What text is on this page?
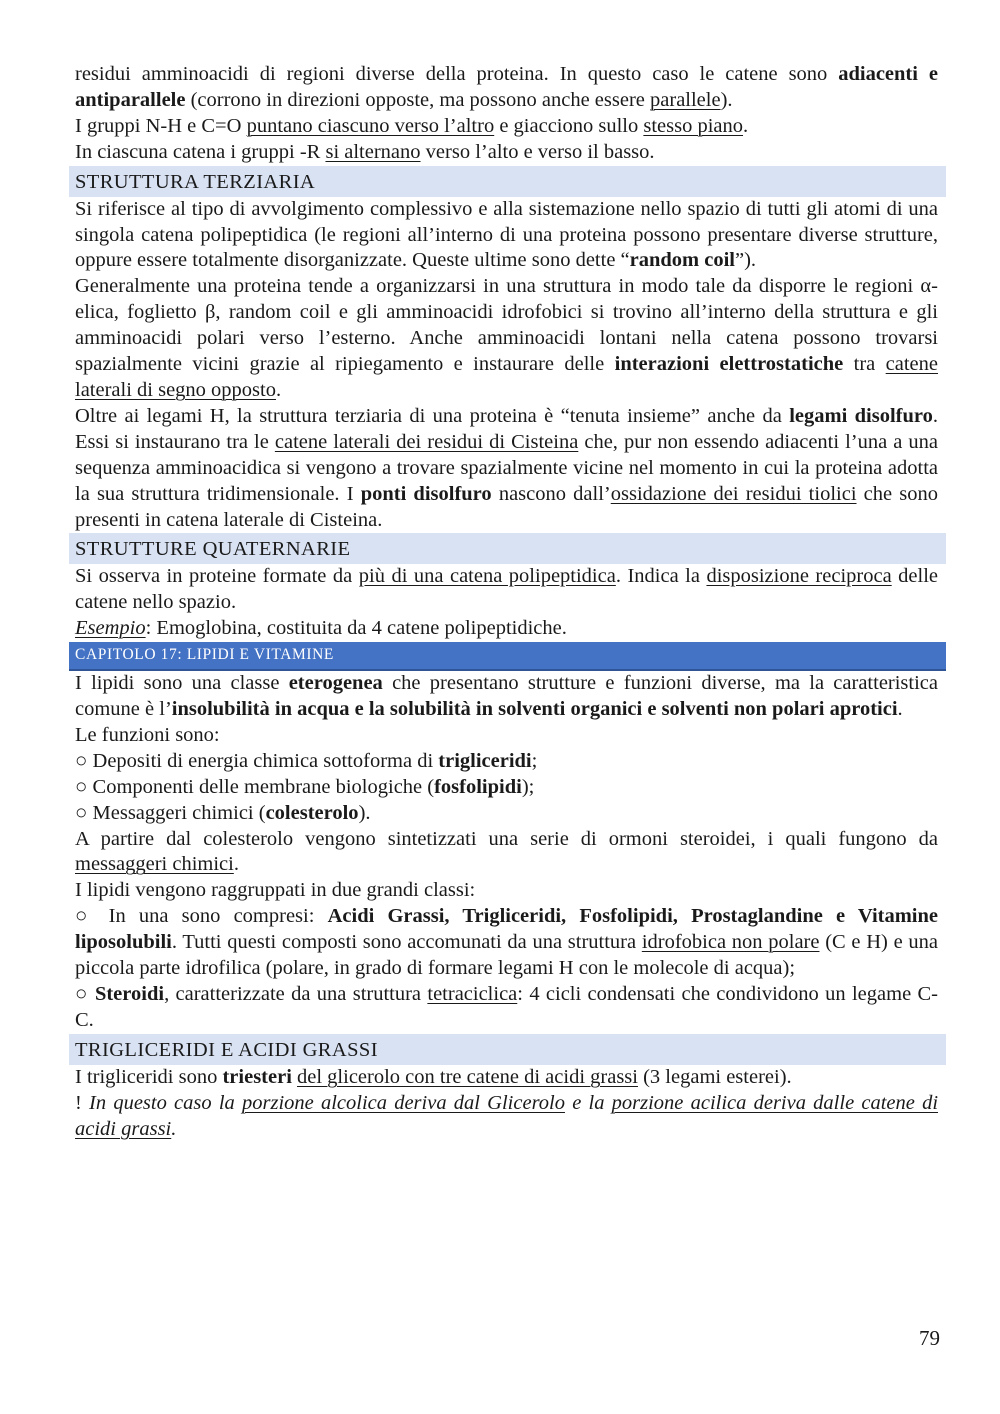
residui amminoacidi di regioni diverse della proteina. In questo caso le catene sono adiacenti e antiparallele (corrono in direzioni opposte, ma possono anche essere parallele).

I gruppi N-H e C=O puntano ciascuno verso l’altro e giacciono sullo stesso piano.

In ciascuna catena i gruppi -R si alternano verso l’alto e verso il basso.

STRUTTURA TERZIARIA

Si riferisce al tipo di avvolgimento complessivo e alla sistemazione nello spazio di tutti gli atomi di una singola catena polipeptidica (le regioni all’interno di una proteina possono presentare diverse strutture, oppure essere totalmente disorganizzate. Queste ultime sono dette “random coil”).

Generalmente una proteina tende a organizzarsi in una struttura in modo tale da disporre le regioni α-elica, foglietto β, random coil e gli amminoacidi idrofobici si trovino all’interno della struttura e gli amminoacidi polari verso l’esterno. Anche amminoacidi lontani nella catena possono trovarsi spazialmente vicini grazie al ripiegamento e instaurare delle interazioni elettrostatiche tra catene laterali di segno opposto.

Oltre ai legami H, la struttura terziaria di una proteina è “tenuta insieme” anche da legami disolfuro. Essi si instaurano tra le catene laterali dei residui di Cisteina che, pur non essendo adiacenti l’una a una sequenza amminoacidica si vengono a trovare spazialmente vicine nel momento in cui la proteina adotta la sua struttura tridimensionale. I ponti disolfuro nascono dall’ossidazione dei residui tiolici che sono presenti in catena laterale di Cisteina.

STRUTTURE QUATERNARIE

Si osserva in proteine formate da più di una catena polipeptidica. Indica la disposizione reciproca delle catene nello spazio.

Esempio: Emoglobina, costituita da 4 catene polipeptidiche.

CAPITOLO 17: LIPIDI E VITAMINE

I lipidi sono una classe eterogenea che presentano strutture e funzioni diverse, ma la caratteristica comune è l’insolubilità in acqua e la solubilità in solventi organici e solventi non polari aprotici.

Le funzioni sono:

○ Depositi di energia chimica sottoforma di trigliceridi;

○ Componenti delle membrane biologiche (fosfolipidi);

○ Messaggeri chimici (colesterolo).

A partire dal colesterolo vengono sintetizzati una serie di ormoni steroidei, i quali fungono da messaggeri chimici.

I lipidi vengono raggruppati in due grandi classi:

○ In una sono compresi: Acidi Grassi, Trigliceridi, Fosfolipidi, Prostaglandine e Vitamine liposolubili. Tutti questi composti sono accomunati da una struttura idrofobica non polare (C e H) e una piccola parte idrofilica (polare, in grado di formare legami H con le molecole di acqua);

○ Steroidi, caratterizzate da una struttura tetraciclica: 4 cicli condensati che condividono un legame C-C.

TRIGLICERIDI E ACIDI GRASSI

I trigliceridi sono triesteri del glicerolo con tre catene di acidi grassi (3 legami esterei).

! In questo caso la porzione alcolica deriva dal Glicerolo e la porzione acilica deriva dalle catene di acidi grassi.

79
